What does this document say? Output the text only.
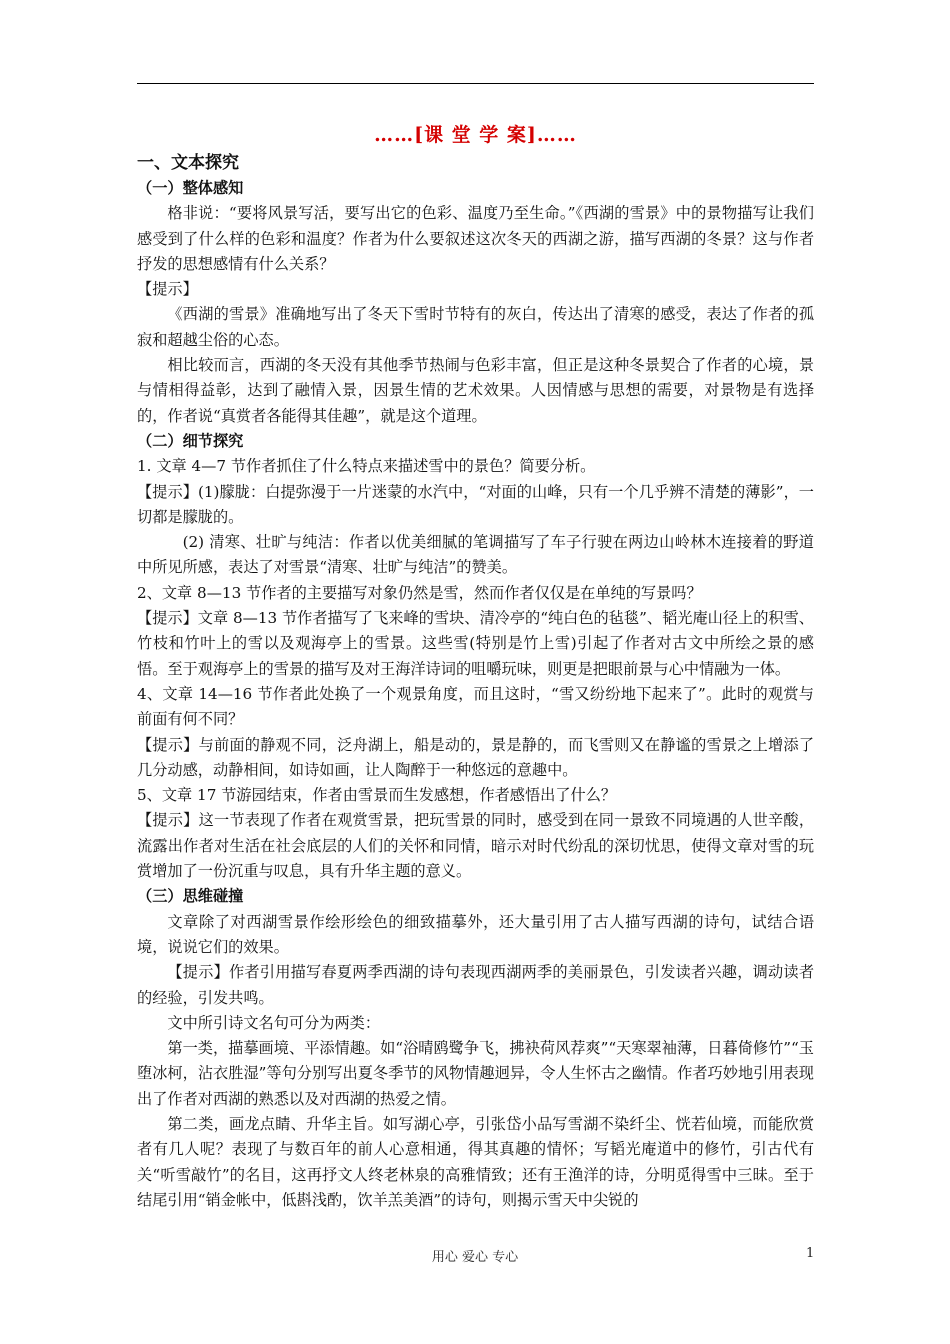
……[课 堂 学 案]……
一、文本探究
（一）整体感知

格非说：“要将风景写活，要写出它的色彩、温度乃至生命。”《西湖的雪景》中的景物描写让我们感受到了什么样的色彩和温度？作者为什么要叙述这次冬天的西湖之游，描写西湖的冬景？这与作者抒发的思想感情有什么关系？

【提示】

《西湖的雪景》准确地写出了冬天下雪时节特有的灰白，传达出了清寒的感受，表达了作者的孤寂和超越尘俗的心态。

相比较而言，西湖的冬天没有其他季节热闹与色彩丰富，但正是这种冬景契合了作者的心境，景与情相得益彰，达到了融情入景，因景生情的艺术效果。人因情感与思想的需要，对景物是有选择的，作者说“真赏者各能得其佳趣”，就是这个道理。

（二）细节探究

1. 文章 4—7 节作者抓住了什么特点来描述雪中的景色？简要分析。

【提示】(1)朦胧：白提弥漫于一片迷蒙的水汽中，“对面的山峰，只有一个几乎辨不清楚的薄影”，一切都是朦胧的。

(2) 清寒、壮旷与纯洁：作者以优美细腻的笔调描写了车子行驶在两边山岭林木连接着的野道中所见所感，表达了对雪景“清寒、壮旷与纯洁”的赞美。

2、文章 8—13 节作者的主要描写对象仍然是雪，然而作者仅仅是在单纯的写景吗？

【提示】文章 8—13 节作者描写了飞来峰的雪块、清冷亭的“纯白色的毡毯”、韬光庵山径上的积雪、竹枝和竹叶上的雪以及观海亭上的雪景。这些雪(特别是竹上雪)引起了作者对古文中所绘之景的感悟。至于观海亭上的雪景的描写及对王海洋诗词的咀嚼玩味，则更是把眼前景与心中情融为一体。

4、文章 14—16 节作者此处换了一个观景角度，而且这时，“雪又纷纷地下起来了”。此时的观赏与前面有何不同？

【提示】与前面的静观不同，泛舟湖上，船是动的，景是静的，而飞雪则又在静谧的雪景之上增添了几分动感，动静相间，如诗如画，让人陶醉于一种悠远的意趣中。

5、文章 17 节游园结束，作者由雪景而生发感想，作者感悟出了什么？

【提示】这一节表现了作者在观赏雪景，把玩雪景的同时，感受到在同一景致不同境遇的人世辛酸，流露出作者对生活在社会底层的人们的关怀和同情，暗示对时代纷乱的深切忧思，使得文章对雪的玩赏增加了一份沉重与叹息，具有升华主题的意义。

（三）思维碰撞

文章除了对西湖雪景作绘形绘色的细致描摹外，还大量引用了古人描写西湖的诗句，试结合语境，说说它们的效果。

【提示】作者引用描写春夏两季西湖的诗句表现西湖两季的美丽景色，引发读者兴趣，调动读者的经验，引发共鸣。

文中所引诗文名句可分为两类：

第一类，描摹画境、平添情趣。如“浴晴鸥鹭争飞，拂袂荷风荐爽”“天寒翠袖薄，日暮倚修竹”“玉堕冰柯，沾衣胜湿”等句分别写出夏冬季节的风物情趣迥异，令人生怀古之幽情。作者巧妙地引用表现出了作者对西湖的熟悉以及对西湖的热爱之情。

第二类，画龙点睛、升华主旨。如写湖心亭，引张岱小品写雪湖不染纤尘、恍若仙境，而能欣赏者有几人呢？表现了与数百年的前人心意相通，得其真趣的情怀；写韬光庵道中的修竹，引古代有关“听雪敲竹”的名目，这再抒文人终老林泉的高雅情致；还有王渔洋的诗，分明觅得雪中三昧。至于结尾引用“销金帐中，低斟浅酌，饮羊羔美酒”的诗句，则揭示雪天中尖锐的

用心 爱心 专心	1
